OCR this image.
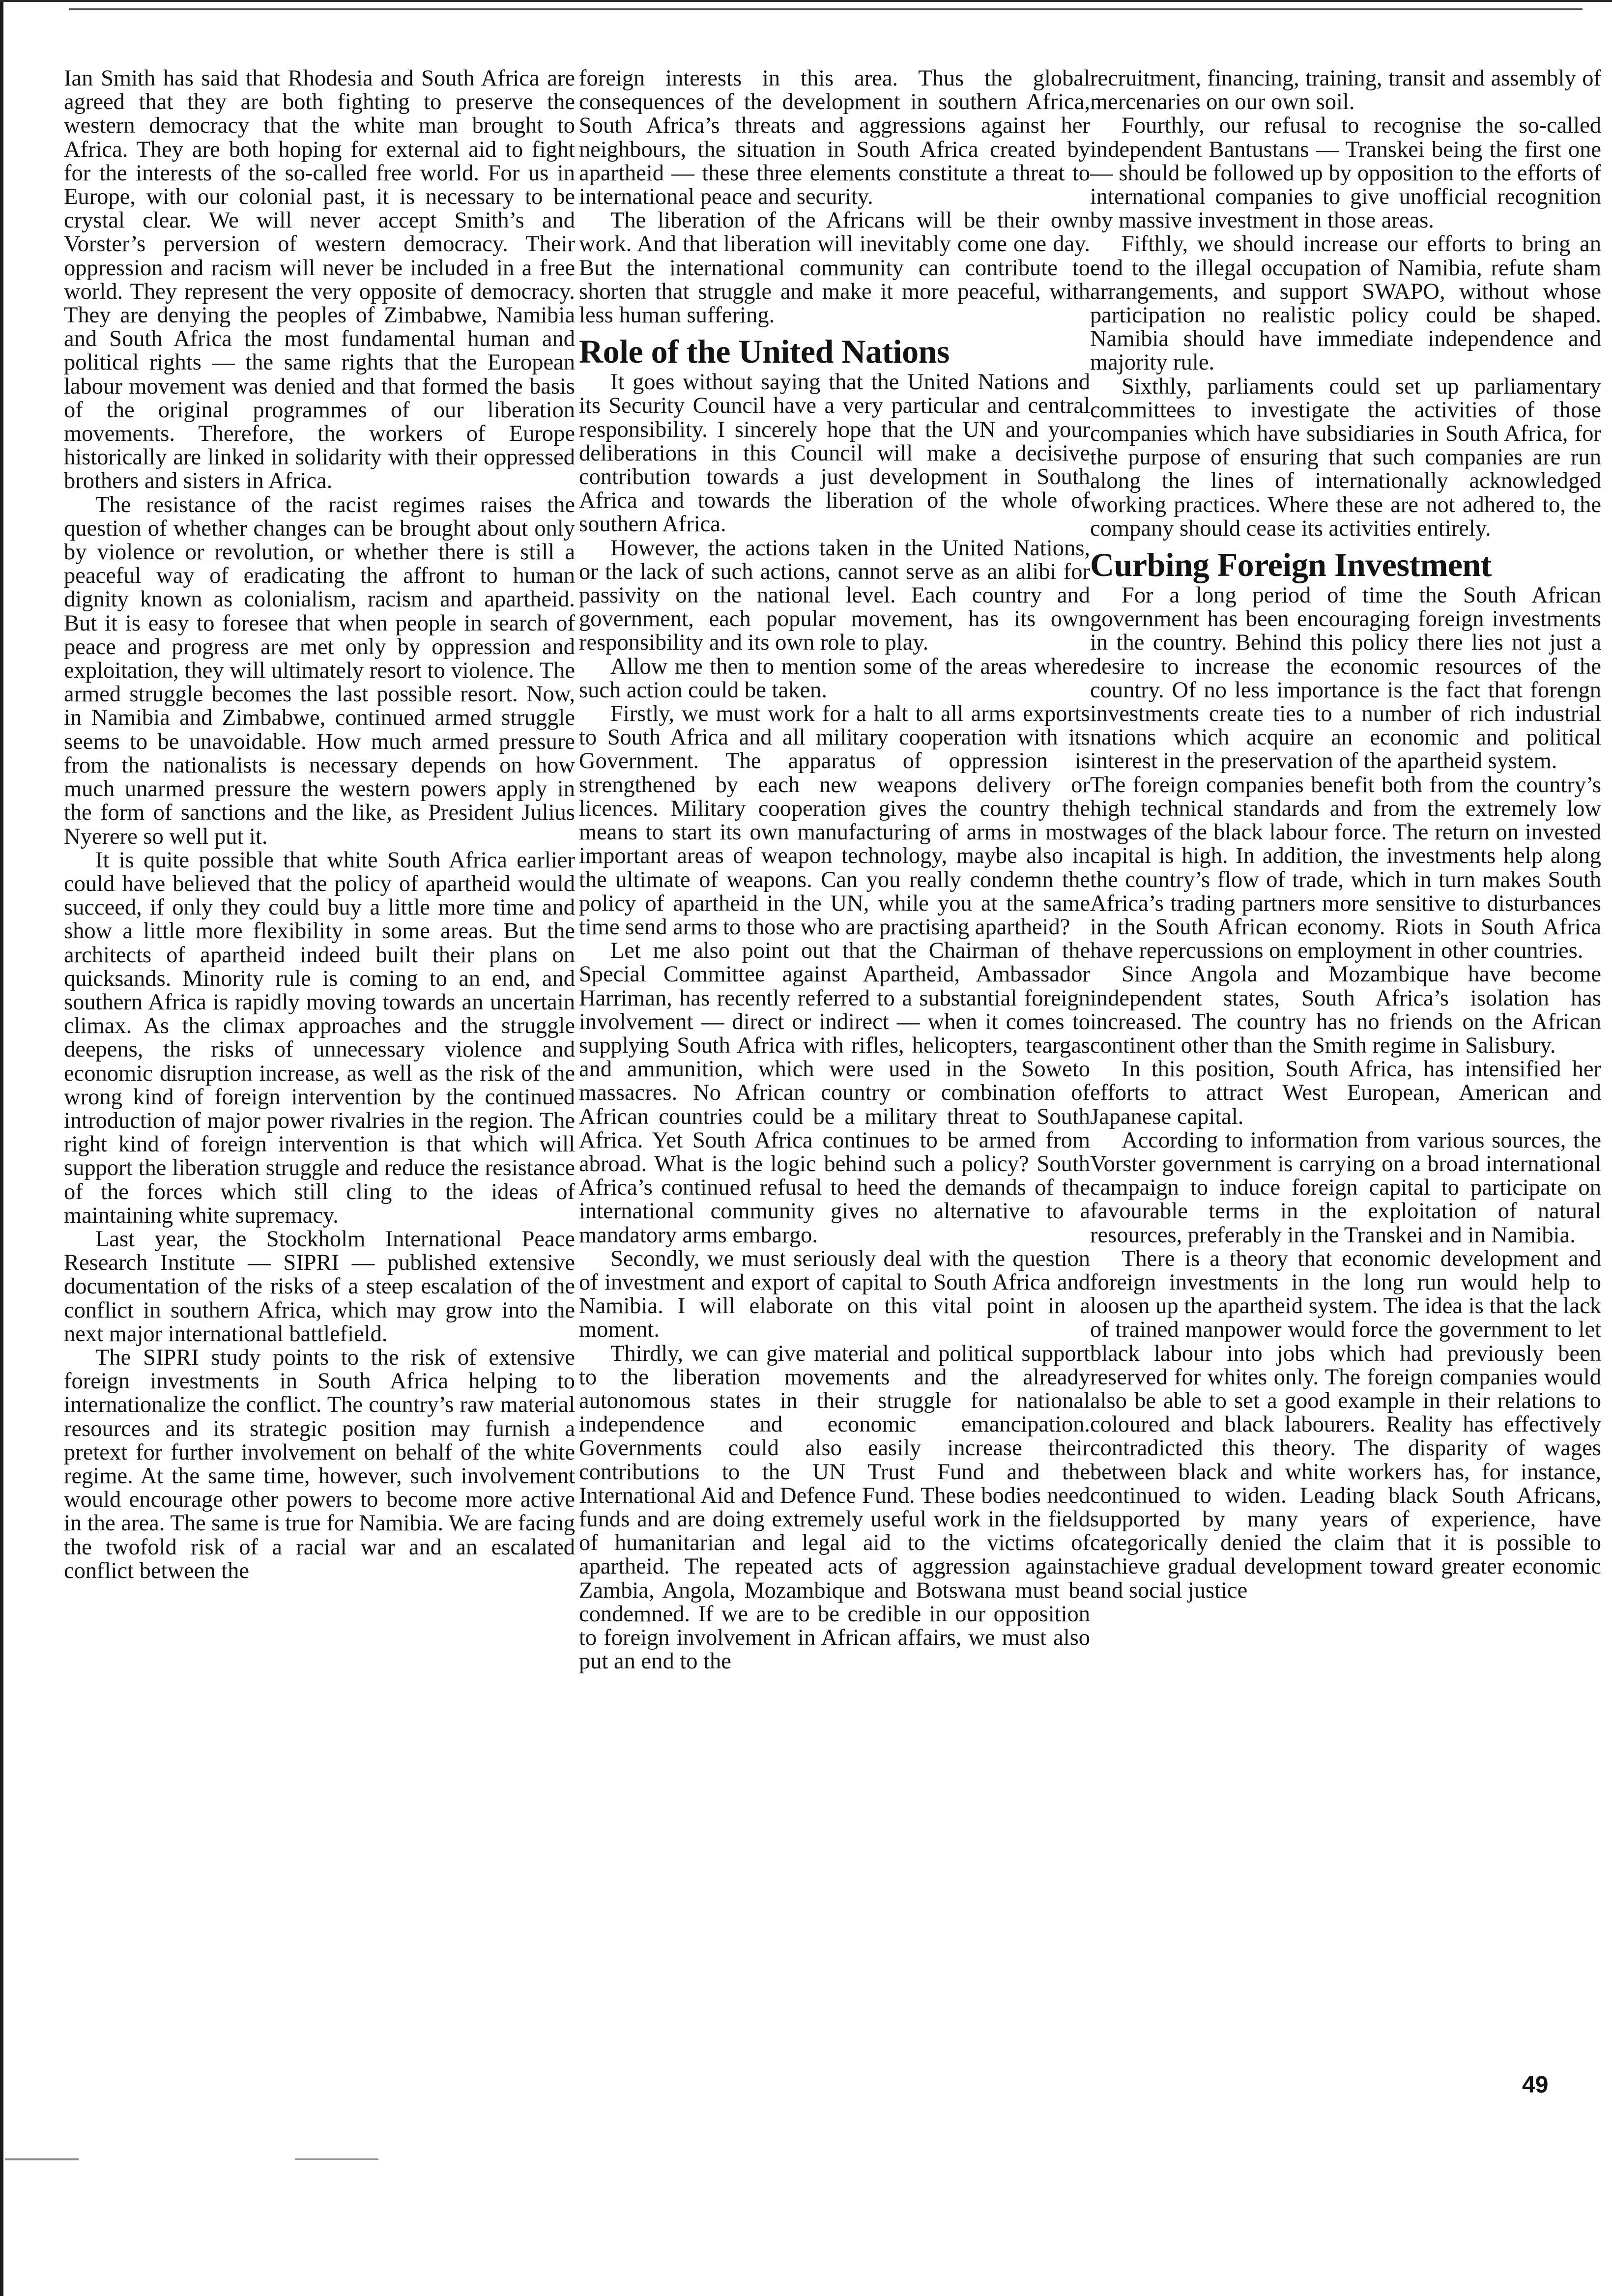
Ian Smith has said that Rhodesia and South Africa are agreed that they are both fighting to preserve the western democracy that the white man brought to Africa. They are both hoping for external aid to fight for the interests of the so-called free world. For us in Europe, with our colonial past, it is necessary to be crystal clear. We will never accept Smith’s and Vorster’s perversion of western democracy. Their oppression and racism will never be included in a free world. They represent the very opposite of democracy. They are denying the peoples of Zimbabwe, Namibia and South Africa the most fundamental human and political rights — the same rights that the European labour movement was denied and that formed the basis of the original programmes of our liberation movements. Therefore, the workers of Europe historically are linked in solidarity with their oppressed brothers and sisters in Africa.

The resistance of the racist regimes raises the question of whether changes can be brought about only by violence or revolution, or whether there is still a peaceful way of eradicating the affront to human dignity known as colonialism, racism and apartheid. But it is easy to foresee that when people in search of peace and progress are met only by oppression and exploitation, they will ultimately resort to violence. The armed struggle becomes the last possible resort. Now, in Namibia and Zimbabwe, continued armed struggle seems to be unavoidable. How much armed pressure from the nationalists is necessary depends on how much unarmed pressure the western powers apply in the form of sanctions and the like, as President Julius Nyerere so well put it.

It is quite possible that white South Africa earlier could have believed that the policy of apartheid would succeed, if only they could buy a little more time and show a little more flexibility in some areas. But the architects of apartheid indeed built their plans on quicksands. Minority rule is coming to an end, and southern Africa is rapidly moving towards an uncertain climax. As the climax approaches and the struggle deepens, the risks of unnecessary violence and economic disruption increase, as well as the risk of the wrong kind of foreign intervention by the continued introduction of major power rivalries in the region. The right kind of foreign intervention is that which will support the liberation struggle and reduce the resistance of the forces which still cling to the ideas of maintaining white supremacy.

Last year, the Stockholm International Peace Research Institute — SIPRI — published extensive documentation of the risks of a steep escalation of the conflict in southern Africa, which may grow into the next major international battlefield.

The SIPRI study points to the risk of extensive foreign investments in South Africa helping to internationalize the conflict. The country’s raw material resources and its strategic position may furnish a pretext for further involvement on behalf of the white regime. At the same time, however, such involvement would encourage other powers to become more active in the area. The same is true for Namibia. We are facing the twofold risk of a racial war and an escalated conflict between the

foreign interests in this area. Thus the global consequences of the development in southern Africa, South Africa’s threats and aggressions against her neighbours, the situation in South Africa created by apartheid — these three elements constitute a threat to international peace and security.

The liberation of the Africans will be their own work. And that liberation will inevitably come one day. But the international community can contribute to shorten that struggle and make it more peaceful, with less human suffering.

Role of the United Nations

It goes without saying that the United Nations and its Security Council have a very particular and central responsibility. I sincerely hope that the UN and your deliberations in this Council will make a decisive contribution towards a just development in South Africa and towards the liberation of the whole of southern Africa.

However, the actions taken in the United Nations, or the lack of such actions, cannot serve as an alibi for passivity on the national level. Each country and government, each popular movement, has its own responsibility and its own role to play.

Allow me then to mention some of the areas where such action could be taken.

Firstly, we must work for a halt to all arms exports to South Africa and all military cooperation with its Government. The apparatus of oppression is strengthened by each new weapons delivery or licences. Military cooperation gives the country the means to start its own manufacturing of arms in most important areas of weapon technology, maybe also in the ultimate of weapons. Can you really condemn the policy of apartheid in the UN, while you at the same time send arms to those who are practising apartheid?

Let me also point out that the Chairman of the Special Committee against Apartheid, Ambassador Harriman, has recently referred to a substantial foreign involvement — direct or indirect — when it comes to supplying South Africa with rifles, helicopters, teargas and ammunition, which were used in the Soweto massacres. No African country or combination of African countries could be a military threat to South Africa. Yet South Africa continues to be armed from abroad. What is the logic behind such a policy? South Africa’s continued refusal to heed the demands of the international community gives no alternative to a mandatory arms embargo.

Secondly, we must seriously deal with the question of investment and export of capital to South Africa and Namibia. I will elaborate on this vital point in a moment.

Thirdly, we can give material and political support to the liberation movements and the already autonomous states in their struggle for national independence and economic emancipation. Governments could also easily increase their contributions to the UN Trust Fund and the International Aid and Defence Fund. These bodies need funds and are doing extremely useful work in the field of humanitarian and legal aid to the victims of apartheid. The repeated acts of aggression against Zambia, Angola, Mozambique and Botswana must be condemned. If we are to be credible in our opposition to foreign involvement in African affairs, we must also put an end to the

recruitment, financing, training, transit and assembly of mercenaries on our own soil.

Fourthly, our refusal to recognise the so-called independent Bantustans — Transkei being the first one — should be followed up by opposition to the efforts of international companies to give unofficial recognition by massive investment in those areas.

Fifthly, we should increase our efforts to bring an end to the illegal occupation of Namibia, refute sham arrangements, and support SWAPO, without whose participation no realistic policy could be shaped. Namibia should have immediate independence and majority rule.

Sixthly, parliaments could set up parliamentary committees to investigate the activities of those companies which have subsidiaries in South Africa, for the purpose of ensuring that such companies are run along the lines of internationally acknowledged working practices. Where these are not adhered to, the company should cease its activities entirely.

Curbing Foreign Investment

For a long period of time the South African government has been encouraging foreign investments in the country. Behind this policy there lies not just a desire to increase the economic resources of the country. Of no less importance is the fact that forengn investments create ties to a number of rich industrial nations which acquire an economic and political interest in the preservation of the apartheid system.

The foreign companies benefit both from the country’s high technical standards and from the extremely low wages of the black labour force. The return on invested capital is high. In addition, the investments help along the country’s flow of trade, which in turn makes South Africa’s trading partners more sensitive to disturbances in the South African economy. Riots in South Africa have repercussions on employment in other countries.

Since Angola and Mozambique have become independent states, South Africa’s isolation has increased. The country has no friends on the African continent other than the Smith regime in Salisbury.

In this position, South Africa, has intensified her efforts to attract West European, American and Japanese capital.

According to information from various sources, the Vorster government is carrying on a broad international campaign to induce foreign capital to participate on favourable terms in the exploitation of natural resources, preferably in the Transkei and in Namibia.

There is a theory that economic development and foreign investments in the long run would help to loosen up the apartheid system. The idea is that the lack of trained manpower would force the government to let black labour into jobs which had previously been reserved for whites only. The foreign companies would also be able to set a good example in their relations to coloured and black labourers. Reality has effectively contradicted this theory. The disparity of wages between black and white workers has, for instance, continued to widen. Leading black South Africans, supported by many years of experience, have categorically denied the claim that it is possible to achieve gradual development toward greater economic and social justice

49
